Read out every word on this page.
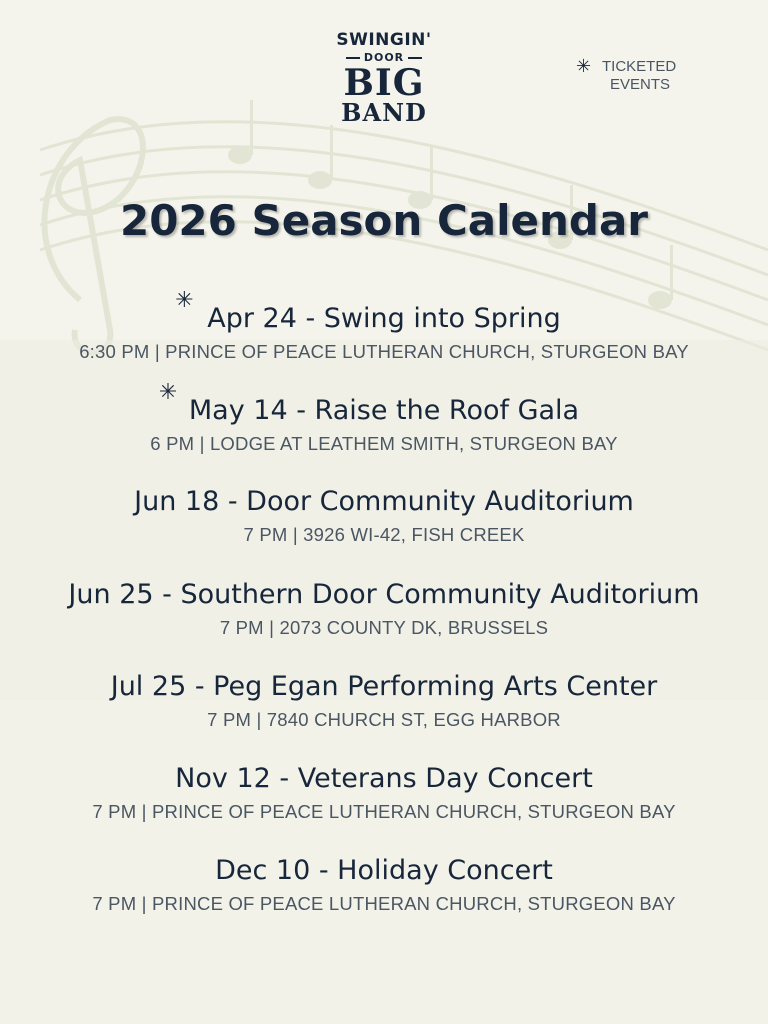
SWINGIN'
DOOR
BIG
BAND
✳ TICKETED
EVENTS
2026 Season Calendar
✳
Apr 24 - Swing into Spring
6:30 PM | PRINCE OF PEACE LUTHERAN CHURCH, STURGEON BAY
✳
May 14 - Raise the Roof Gala
6 PM | LODGE AT LEATHEM SMITH, STURGEON BAY
Jun 18 - Door Community Auditorium
7 PM | 3926 WI-42, FISH CREEK
Jun 25 - Southern Door Community Auditorium
7 PM | 2073 COUNTY DK, BRUSSELS
Jul 25 - Peg Egan Performing Arts Center
7 PM | 7840 CHURCH ST, EGG HARBOR
Nov 12 - Veterans Day Concert
7 PM | PRINCE OF PEACE LUTHERAN CHURCH, STURGEON BAY
Dec 10 - Holiday Concert
7 PM | PRINCE OF PEACE LUTHERAN CHURCH, STURGEON BAY
